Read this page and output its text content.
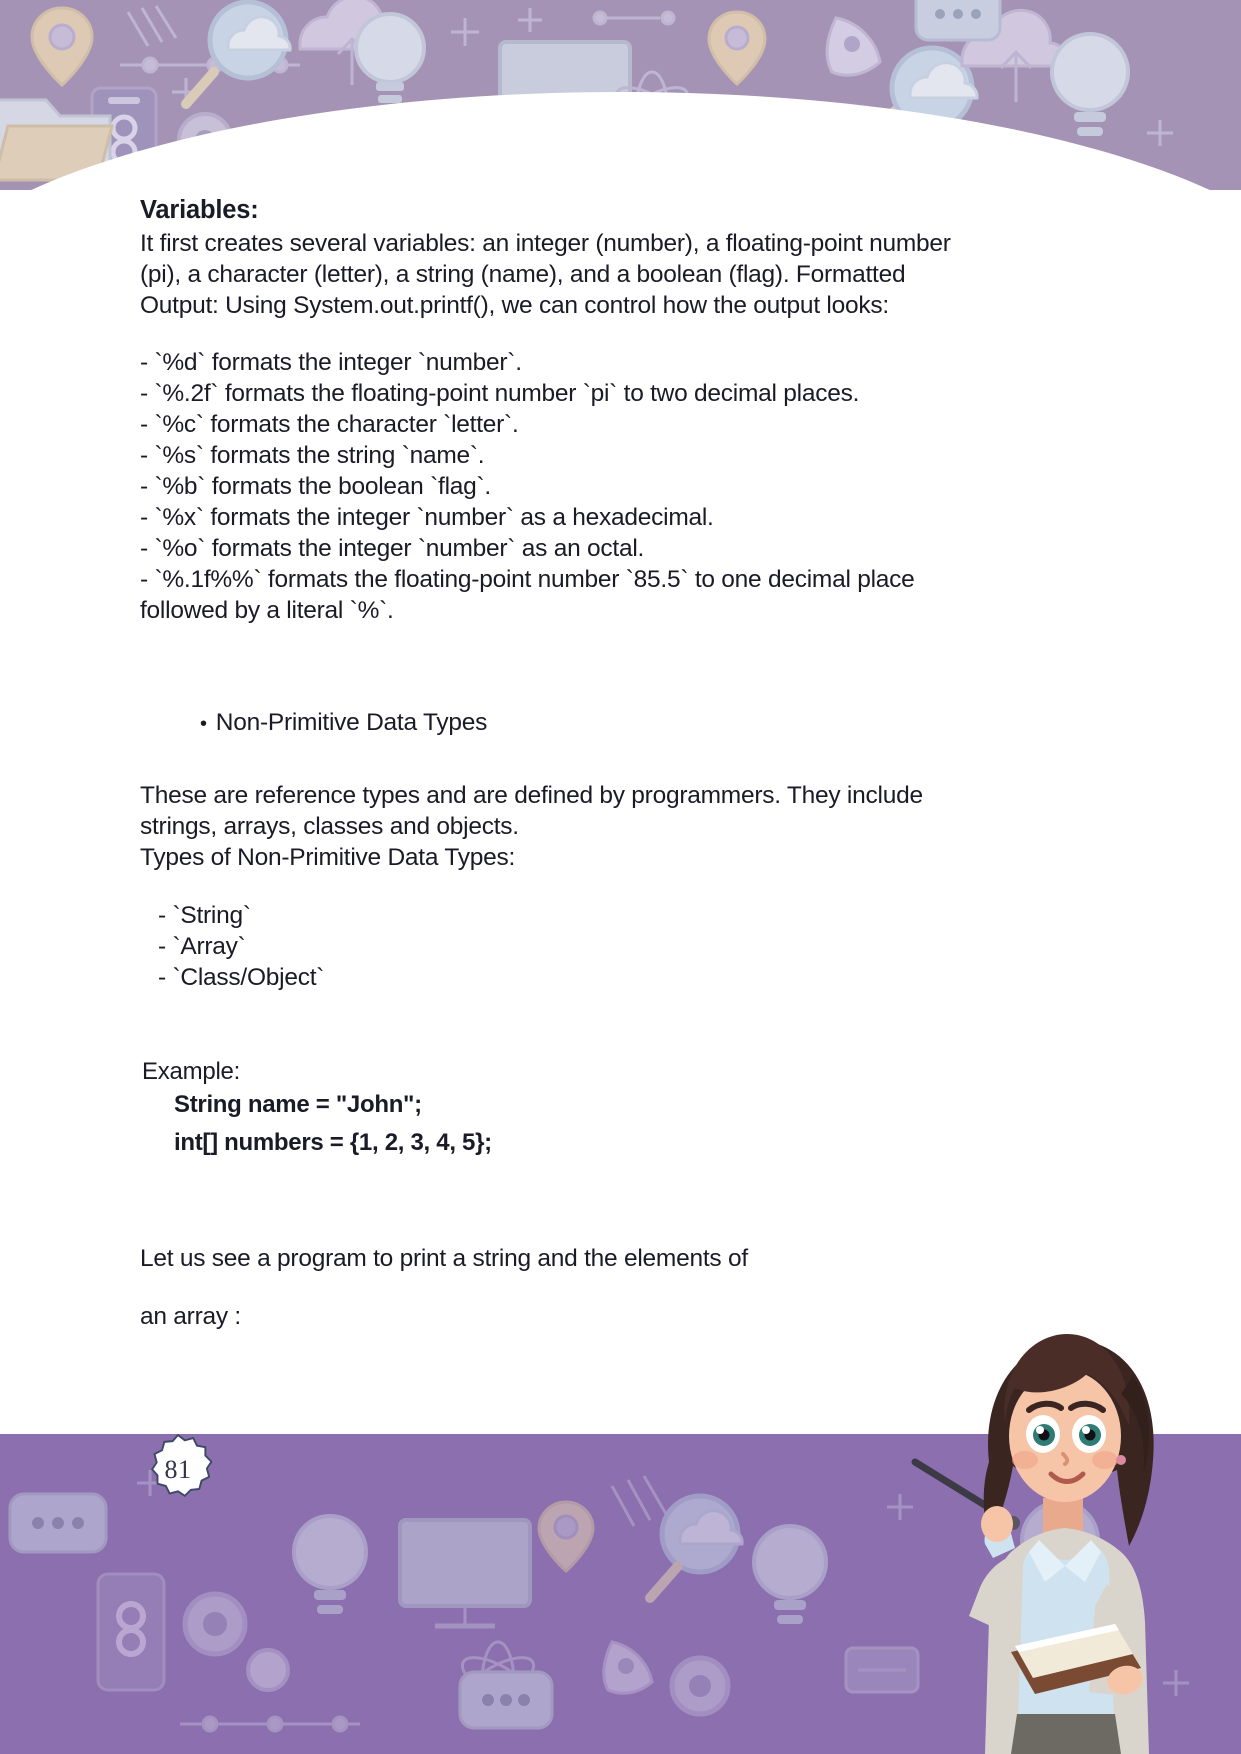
Variables:
It first creates several variables: an integer (number), a floating-point number (pi), a character (letter), a string (name), and a boolean (flag). Formatted Output: Using System.out.printf(), we can control how the output looks:
- `%d` formats the integer `number`.
- `%.2f` formats the floating-point number `pi` to two decimal places.
- `%c` formats the character `letter`.
- `%s` formats the string `name`.
- `%b` formats the boolean `flag`.
- `%x` formats the integer `number` as a hexadecimal.
- `%o` formats the integer `number` as an octal.
- `%.1f%%` formats the floating-point number `85.5` to one decimal place followed by a literal `%`.
• Non-Primitive Data Types
These are reference types and are defined by programmers. They include strings, arrays, classes and objects.
Types of Non-Primitive Data Types:
- `String`
- `Array`
- `Class/Object`
Example:
String name = "John";
int[] numbers = {1, 2, 3, 4, 5};
Let us see a program to print a string and the elements of
an array :
81
